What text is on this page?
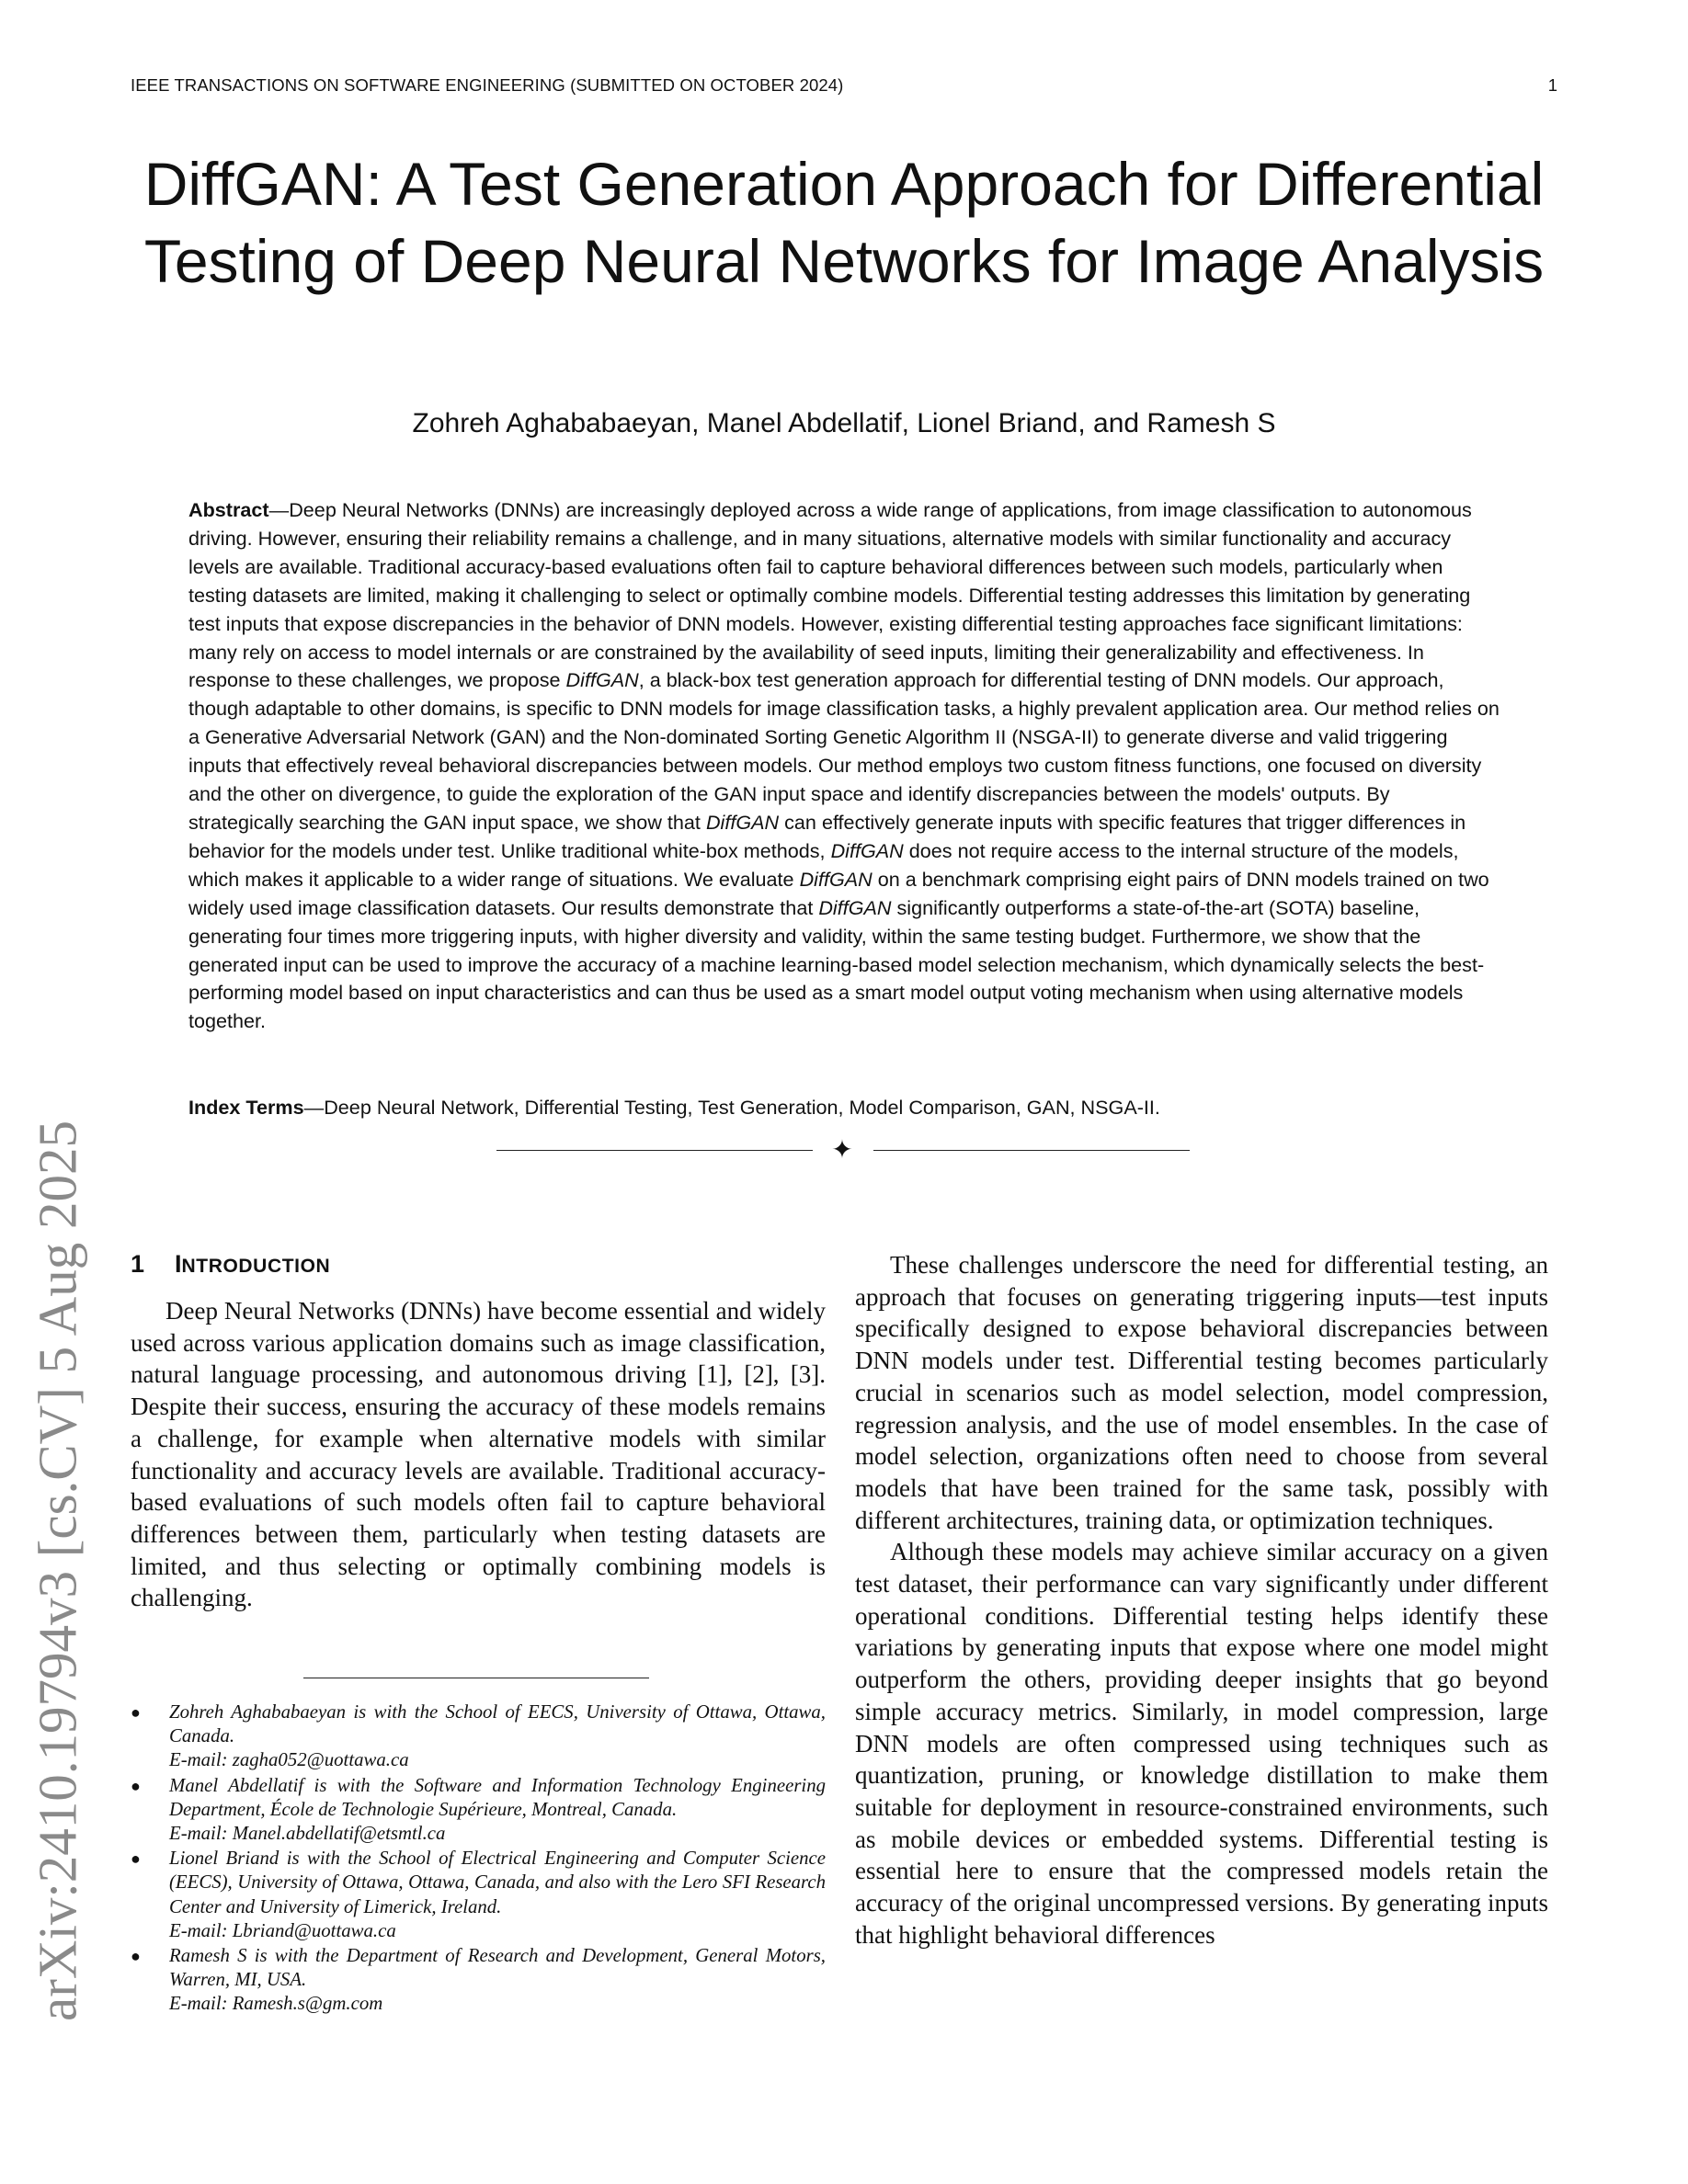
IEEE TRANSACTIONS ON SOFTWARE ENGINEERING (SUBMITTED ON OCTOBER 2024)	1
DiffGAN: A Test Generation Approach for Differential Testing of Deep Neural Networks for Image Analysis
Zohreh Aghababaeyan, Manel Abdellatif, Lionel Briand, and Ramesh S

Abstract—Deep Neural Networks (DNNs) are increasingly deployed across a wide range of applications, from image classification to autonomous driving. However, ensuring their reliability remains a challenge, and in many situations, alternative models with similar functionality and accuracy levels are available. Traditional accuracy-based evaluations often fail to capture behavioral differences between such models, particularly when testing datasets are limited, making it challenging to select or optimally combine models. Differential testing addresses this limitation by generating test inputs that expose discrepancies in the behavior of DNN models. However, existing differential testing approaches face significant limitations: many rely on access to model internals or are constrained by the availability of seed inputs, limiting their generalizability and effectiveness. In response to these challenges, we propose DiffGAN, a black-box test generation approach for differential testing of DNN models. Our approach, though adaptable to other domains, is specific to DNN models for image classification tasks, a highly prevalent application area. Our method relies on a Generative Adversarial Network (GAN) and the Non-dominated Sorting Genetic Algorithm II (NSGA-II) to generate diverse and valid triggering inputs that effectively reveal behavioral discrepancies between models. Our method employs two custom fitness functions, one focused on diversity and the other on divergence, to guide the exploration of the GAN input space and identify discrepancies between the models' outputs. By strategically searching the GAN input space, we show that DiffGAN can effectively generate inputs with specific features that trigger differences in behavior for the models under test. Unlike traditional white-box methods, DiffGAN does not require access to the internal structure of the models, which makes it applicable to a wider range of situations. We evaluate DiffGAN on a benchmark comprising eight pairs of DNN models trained on two widely used image classification datasets. Our results demonstrate that DiffGAN significantly outperforms a state-of-the-art (SOTA) baseline, generating four times more triggering inputs, with higher diversity and validity, within the same testing budget. Furthermore, we show that the generated input can be used to improve the accuracy of a machine learning-based model selection mechanism, which dynamically selects the best-performing model based on input characteristics and can thus be used as a smart model output voting mechanism when using alternative models together.

Index Terms—Deep Neural Network, Differential Testing, Test Generation, Model Comparison, GAN, NSGA-II.

✦
arXiv:2410.19794v3 [cs.CV] 5 Aug 2025 1 INTRODUCTION

Deep Neural Networks (DNNs) have become essential and widely used across various application domains such as image classification, natural language processing, and autonomous driving [1], [2], [3]. Despite their success, ensuring the accuracy of these models remains a challenge, for example when alternative models with similar functionality and accuracy levels are available. Traditional accuracy-based evaluations of such models often fail to capture behavioral differences between them, particularly when testing datasets are limited, and thus selecting or optimally combining models is challenging.

These challenges underscore the need for differential testing, an approach that focuses on generating triggering inputs—test inputs specifically designed to expose behavioral discrepancies between DNN models under test. Differential testing becomes particularly crucial in scenarios such as model selection, model compression, regression analysis, and the use of model ensembles. In the case of model selection, organizations often need to choose from several models that have been trained for the same task, possibly with different architectures, training data, or optimization techniques.

Although these models may achieve similar accuracy on a given test dataset, their performance can vary significantly under different operational conditions. Differential testing helps identify these variations by generating inputs that expose where one model might outperform the others, providing deeper insights that go beyond simple accuracy metrics. Similarly, in model compression, large DNN models are often compressed using techniques such as quantization, pruning, or knowledge distillation to make them suitable for deployment in resource-constrained environments, such as mobile devices or embedded systems. Differential testing is essential here to ensure that the compressed models retain the accuracy of the original uncompressed versions. By generating inputs that highlight behavioral differences

● Zohreh Aghababaeyan is with the School of EECS, University of Ottawa, Ottawa, Canada.
E-mail: zagha052@uottawa.ca
● Manel Abdellatif is with the Software and Information Technology Engineering Department, École de Technologie Supérieure, Montreal, Canada.
E-mail: Manel.abdellatif@etsmtl.ca
● Lionel Briand is with the School of Electrical Engineering and Computer Science (EECS), University of Ottawa, Ottawa, Canada, and also with the Lero SFI Research Center and University of Limerick, Ireland.
E-mail: Lbriand@uottawa.ca
● Ramesh S is with the Department of Research and Development, General Motors, Warren, MI, USA.
E-mail: Ramesh.s@gm.com
